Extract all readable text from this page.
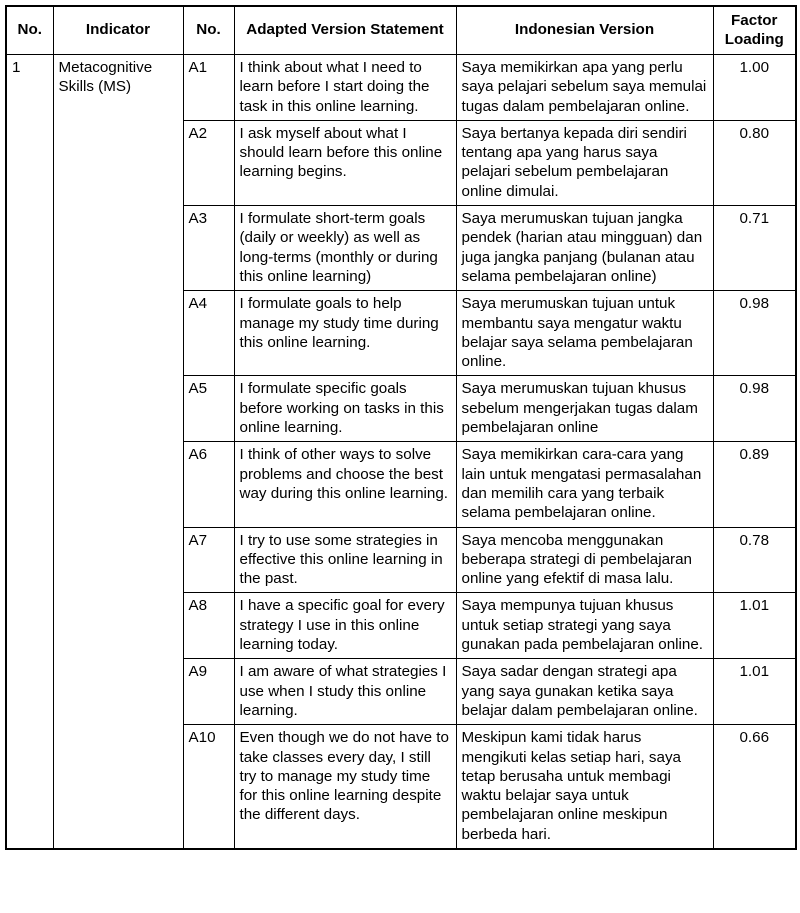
No.	Indicator	No.	Adapted Version Statement	Indonesian Version	Factor Loading
1	Metacognitive Skills (MS)	A1	I think about what I need to learn before I start doing the task in this online learning.	Saya memikirkan apa yang perlu saya pelajari sebelum saya memulai tugas dalam pembelajaran online.	1.00
		A2	I ask myself about what I should learn before this online learning begins.	Saya bertanya kepada diri sendiri tentang apa yang harus saya pelajari sebelum pembelajaran online dimulai.	0.80
		A3	I formulate short-term goals (daily or weekly) as well as long-terms (monthly or during this online learning)	Saya merumuskan tujuan jangka pendek (harian atau mingguan) dan juga jangka panjang (bulanan atau selama pembelajaran online)	0.71
		A4	I formulate goals to help manage my study time during this online learning.	Saya merumuskan tujuan untuk membantu saya mengatur waktu belajar saya selama pembelajaran online.	0.98
		A5	I formulate specific goals before working on tasks in this online learning.	Saya merumuskan tujuan khusus sebelum mengerjakan tugas dalam pembelajaran online	0.98
		A6	I think of other ways to solve problems and choose the best way during this online learning.	Saya memikirkan cara-cara yang lain untuk mengatasi permasalahan dan memilih cara yang terbaik selama pembelajaran online.	0.89
		A7	I try to use some strategies in effective this online learning in the past.	Saya mencoba menggunakan beberapa strategi di pembelajaran online yang efektif di masa lalu.	0.78
		A8	I have a specific goal for every strategy I use in this online learning today.	Saya mempunya tujuan khusus untuk setiap strategi yang saya gunakan pada pembelajaran online.	1.01
		A9	I am aware of what strategies I use when I study this online learning.	Saya sadar dengan strategi apa yang saya gunakan ketika saya belajar dalam pembelajaran online.	1.01
		A10	Even though we do not have to take classes every day, I still try to manage my study time for this online learning despite the different days.	Meskipun kami tidak harus mengikuti kelas setiap hari, saya tetap berusaha untuk membagi waktu belajar saya untuk pembelajaran online meskipun berbeda hari.	0.66
